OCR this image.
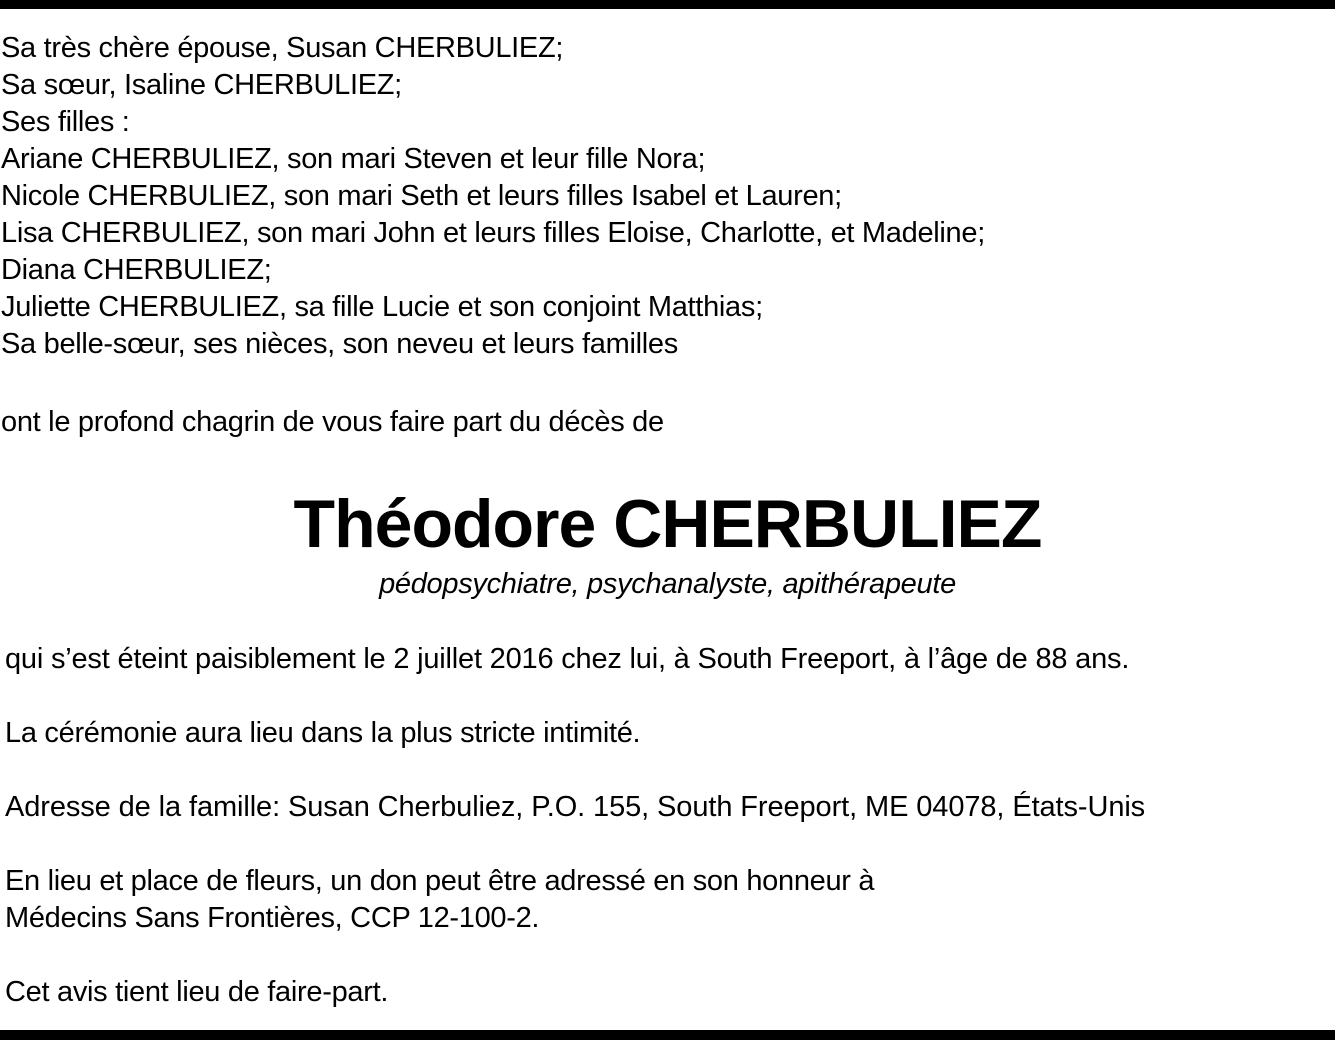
Sa très chère épouse, Susan CHERBULIEZ;
Sa sœur, Isaline CHERBULIEZ;
Ses filles :
Ariane CHERBULIEZ, son mari Steven et leur fille Nora;
Nicole CHERBULIEZ, son mari Seth et leurs filles Isabel et Lauren;
Lisa CHERBULIEZ, son mari John et leurs filles Eloise, Charlotte, et Madeline;
Diana CHERBULIEZ;
Juliette CHERBULIEZ, sa fille Lucie et son conjoint Matthias;
Sa belle-sœur, ses nièces, son neveu et leurs familles
ont le profond chagrin de vous faire part du décès de
Théodore CHERBULIEZ
pédopsychiatre, psychanalyste, apithérapeute
qui s’est éteint paisiblement le 2 juillet 2016 chez lui, à South Freeport, à l’âge de 88 ans.
La cérémonie aura lieu dans la plus stricte intimité.
Adresse de la famille: Susan Cherbuliez, P.O. 155, South Freeport, ME 04078, États-Unis
En lieu et place de fleurs, un don peut être adressé en son honneur à
Médecins Sans Frontières, CCP 12-100-2.
Cet avis tient lieu de faire-part.
